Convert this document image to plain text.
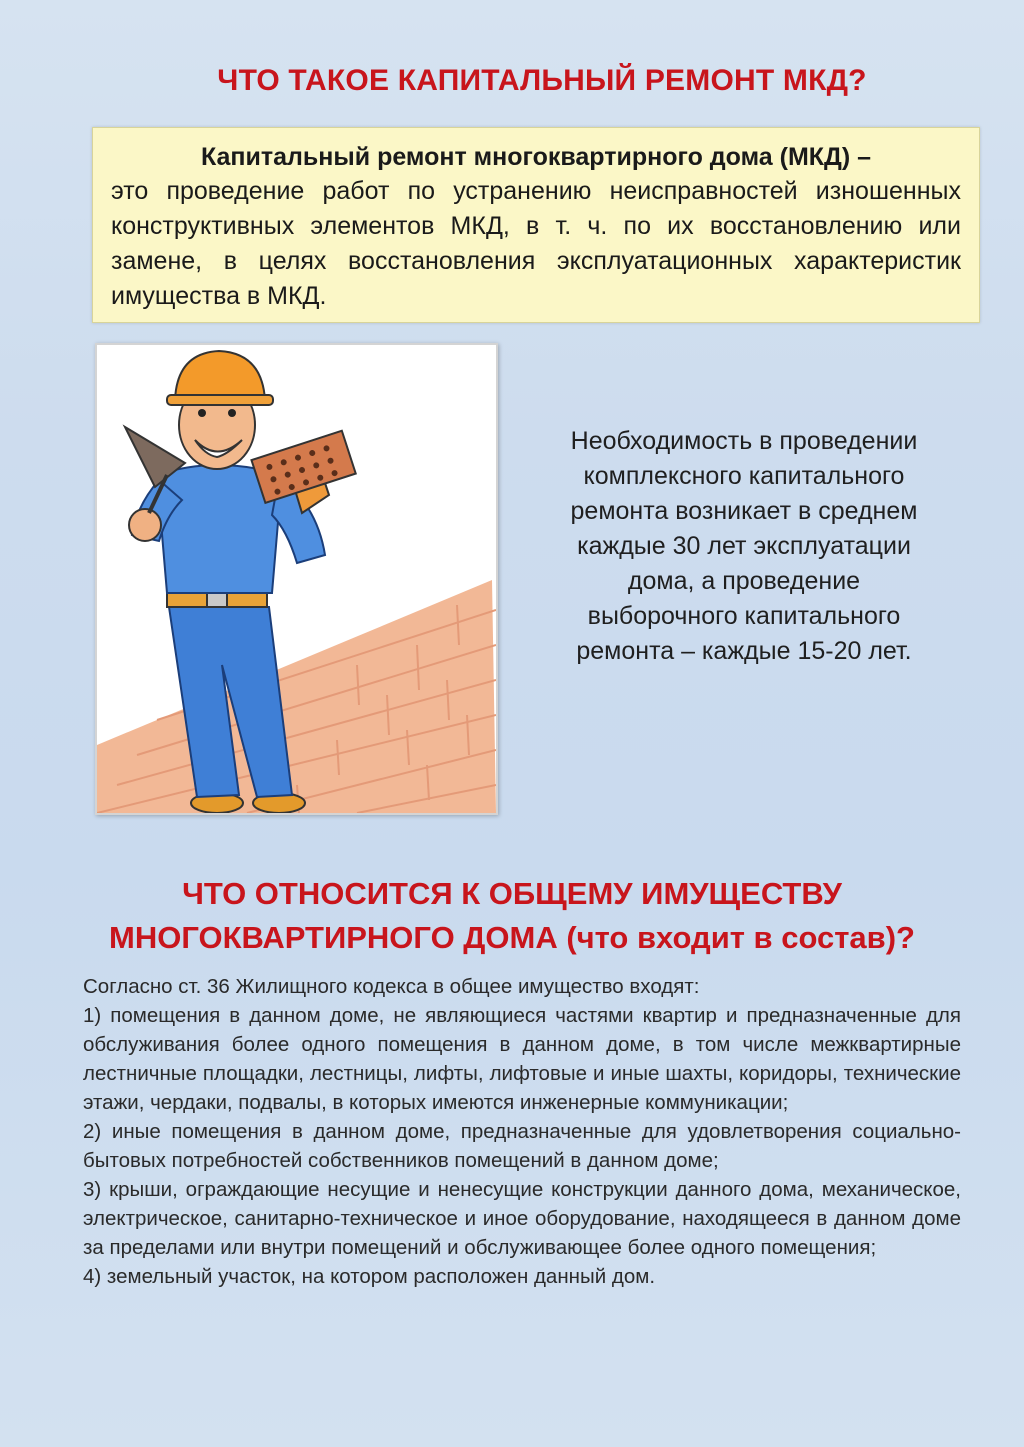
ЧТО ТАКОЕ КАПИТАЛЬНЫЙ РЕМОНТ МКД?
Капитальный ремонт многоквартирного дома (МКД) –
это проведение работ по устранению неисправностей изношенных конструктивных элементов МКД, в т. ч. по их восстановлению или замене, в целях восстановления эксплуатационных характеристик имущества в МКД.
Необходимость в проведении комплексного капитального ремонта возникает в среднем каждые 30 лет эксплуатации дома, а проведение выборочного капитального ремонта – каждые 15-20 лет.
ЧТО ОТНОСИТСЯ К ОБЩЕМУ ИМУЩЕСТВУ
МНОГОКВАРТИРНОГО ДОМА (что входит в состав)?

Согласно ст. 36 Жилищного кодекса в общее имущество входят:

1) помещения в данном доме, не являющиеся частями квартир и предназначенные для обслуживания более одного помещения в данном доме, в том числе межквартирные лестничные площадки, лестницы, лифты, лифтовые и иные шахты, коридоры, технические этажи, чердаки, подвалы, в которых имеются инженерные коммуникации;

2) иные помещения в данном доме, предназначенные для удовлетворения социально-бытовых потребностей собственников помещений в данном доме;

3) крыши, ограждающие несущие и ненесущие конструкции данного дома, механическое, электрическое, санитарно-техническое и иное оборудование, находящееся в данном доме за пределами или внутри помещений и обслуживающее более одного помещения;

4) земельный участок, на котором расположен данный дом.
